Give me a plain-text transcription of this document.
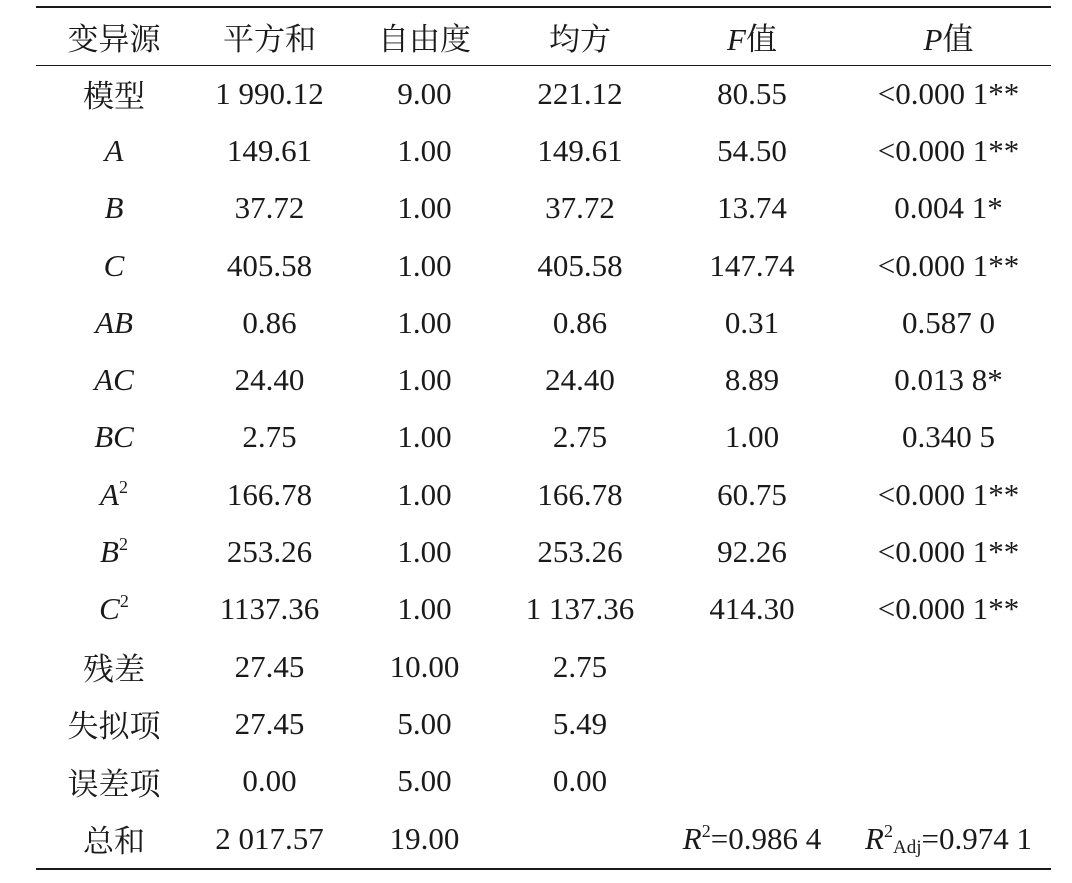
变异源	平方和	自由度	均方	F值	P值
模型	1 990.12	9.00	221.12	80.55	<0.000 1**
A	149.61	1.00	149.61	54.50	<0.000 1**
B	37.72	1.00	37.72	13.74	0.004 1*
C	405.58	1.00	405.58	147.74	<0.000 1**
AB	0.86	1.00	0.86	0.31	0.587 0
AC	24.40	1.00	24.40	8.89	0.013 8*
BC	2.75	1.00	2.75	1.00	0.340 5
$A^2$	166.78	1.00	166.78	60.75	<0.000 1**
$B^2$	253.26	1.00	253.26	92.26	<0.000 1**
$C^2$	1137.36	1.00	1 137.36	414.30	<0.000 1**
残差	27.45	10.00	2.75		
失拟项	27.45	5.00	5.49		
误差项	0.00	5.00	0.00		
总和	2 017.57	19.00		$R^2=0.986$ 4	$R^2_{Adj}=0.974$ 1
